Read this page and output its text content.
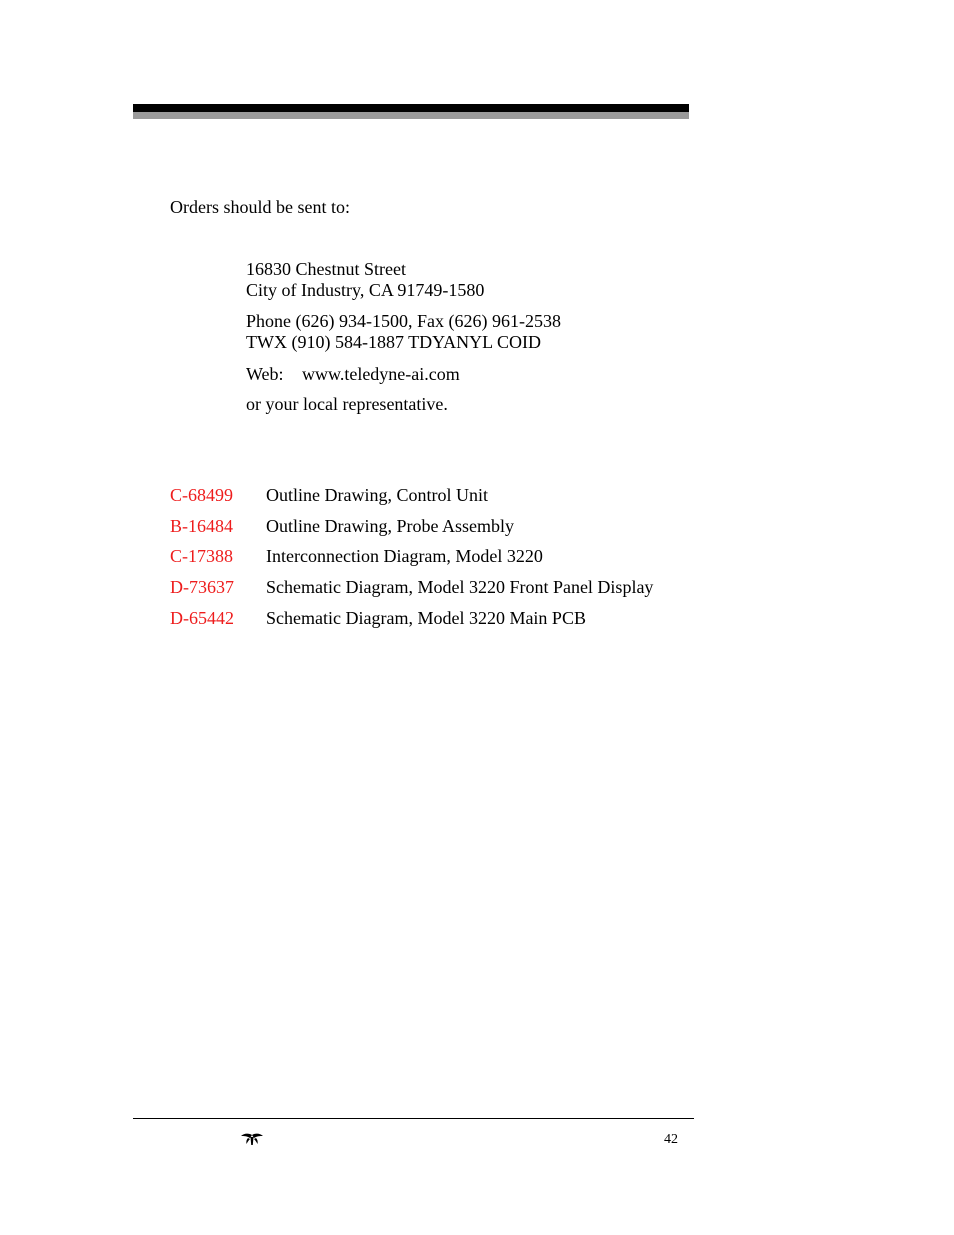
Orders should be sent to:
16830 Chestnut Street
City of Industry, CA 91749-1580
Phone (626) 934-1500, Fax (626) 961-2538
TWX (910) 584-1887 TDYANYL COID
Web: www.teledyne-ai.com
or your local representative.
C-68499 Outline Drawing, Control Unit
B-16484 Outline Drawing, Probe Assembly
C-17388 Interconnection Diagram, Model 3220
D-73637 Schematic Diagram, Model 3220 Front Panel Display
D-65442 Schematic Diagram, Model 3220 Main PCB
42
